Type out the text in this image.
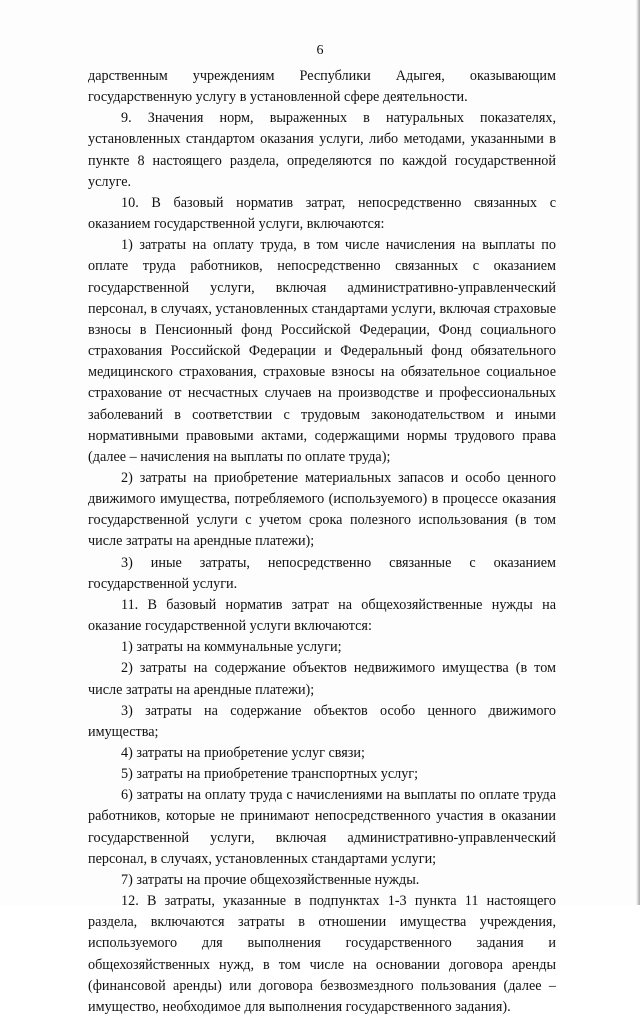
6

дарственным учреждениям Республики Адыгея, оказывающим государственную услугу в установленной сфере деятельности.

9. Значения норм, выраженных в натуральных показателях, установленных стандартом оказания услуги, либо методами, указанными в пункте 8 настоящего раздела, определяются по каждой государственной услуге.

10. В базовый норматив затрат, непосредственно связанных с оказанием государственной услуги, включаются:

1) затраты на оплату труда, в том числе начисления на выплаты по оплате труда работников, непосредственно связанных с оказанием государственной услуги, включая административно-управленческий персонал, в случаях, установленных стандартами услуги, включая страховые взносы в Пенсионный фонд Российской Федерации, Фонд социального страхования Российской Федерации и Федеральный фонд обязательного медицинского страхования, страховые взносы на обязательное социальное страхование от несчастных случаев на производстве и профессиональных заболеваний в соответствии с трудовым законодательством и иными нормативными правовыми актами, содержащими нормы трудового права (далее – начисления на выплаты по оплате труда);

2) затраты на приобретение материальных запасов и особо ценного движимого имущества, потребляемого (используемого) в процессе оказания государственной услуги с учетом срока полезного использования (в том числе затраты на арендные платежи);

3) иные затраты, непосредственно связанные с оказанием государственной услуги.

11. В базовый норматив затрат на общехозяйственные нужды на оказание государственной услуги включаются:

1) затраты на коммунальные услуги;

2) затраты на содержание объектов недвижимого имущества (в том числе затраты на арендные платежи);

3) затраты на содержание объектов особо ценного движимого имущества;

4) затраты на приобретение услуг связи;

5) затраты на приобретение транспортных услуг;

6) затраты на оплату труда с начислениями на выплаты по оплате труда работников, которые не принимают непосредственного участия в оказании государственной услуги, включая административно-управленческий персонал, в случаях, установленных стандартами услуги;

7) затраты на прочие общехозяйственные нужды.

12. В затраты, указанные в подпунктах 1-3 пункта 11 настоящего раздела, включаются затраты в отношении имущества учреждения, используемого для выполнения государственного задания и общехозяйственных нужд, в том числе на основании договора аренды (финансовой аренды) или договора безвозмездного пользования (далее – имущество, необходимое для выполнения государственного задания).
